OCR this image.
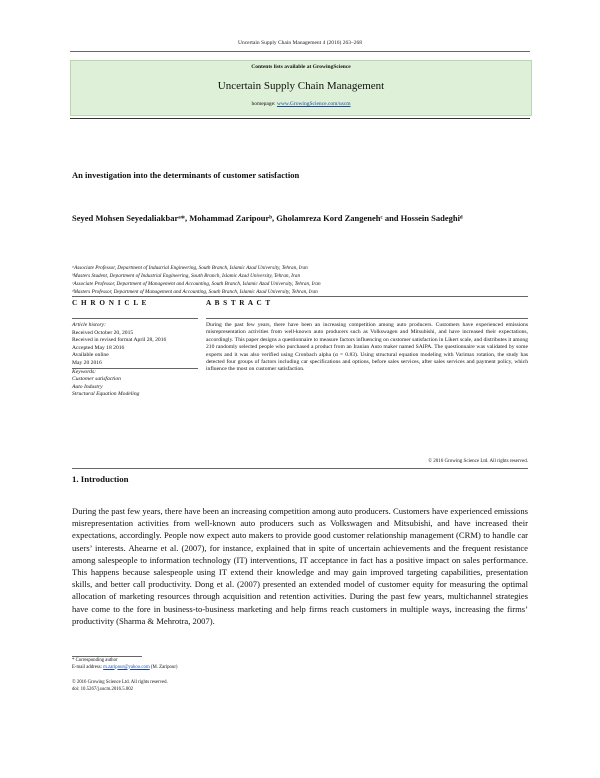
Uncertain Supply Chain Management 4 (2016) 263–268
Contents lists available at GrowingScience
Uncertain Supply Chain Management
homepage: www.GrowingScience.com/uscm
An investigation into the determinants of customer satisfaction
Seyed Mohsen Seyedaliakbarᵃ*, Mohammad Zaripourᵇ, Gholamreza Kord Zangenehᶜ and Hossein Sadeghiᵈ
ᵃAssociate Professor, Department of Industrial Engineering, South Branch, Islamic Azad University, Tehran, Iran
ᵇMasters Student, Department of Industrial Engineering, South Branch, Islamic Azad University, Tehran, Iran
ᶜAssociate Professor, Department of Management and Accounting, South Branch, Islamic Azad University, Tehran, Iran
ᵈMasters Professor, Department of Management and Accounting, South Branch, Islamic Azad University, Tehran, Iran
C H R O N I C L E	A B S T R A C T
Article history:
Received October 20, 2015
Received in revised format April 28, 2016
Accepted May 18 2016
Available online
May 20 2016
Keywords:
Customer satisfaction
Auto Industry
Structural Equation Modeling
During the past few years, there have been an increasing competition among auto producers. Customers have experienced emissions misrepresentation activities from well-known auto producers such as Volkswagen and Mitsubishi, and have increased their expectations, accordingly. This paper designs a questionnaire to measure factors influencing on customer satisfaction in Likert scale, and distributes it among 210 randomly selected people who purchased a product from an Iranian Auto maker named SAIPA. The questionnaire was validated by some experts and it was also verified using Cronbach alpha (α = 0.83). Using structural equation modeling with Varimax rotation, the study has detected four groups of factors including car specifications and options, before sales services, after sales services and payment policy, which influence the most on customer satisfaction.
© 2016 Growing Science Ltd. All rights reserved.
1. Introduction
During the past few years, there have been an increasing competition among auto producers. Customers have experienced emissions misrepresentation activities from well-known auto producers such as Volkswagen and Mitsubishi, and have increased their expectations, accordingly. People now expect auto makers to provide good customer relationship management (CRM) to handle car users’ interests. Ahearne et al. (2007), for instance, explained that in spite of uncertain achievements and the frequent resistance among salespeople to information technology (IT) interventions, IT acceptance in fact has a positive impact on sales performance. This happens because salespeople using IT extend their knowledge and may gain improved targeting capabilities, presentation skills, and better call productivity. Dong et al. (2007) presented an extended model of customer equity for measuring the optimal allocation of marketing resources through acquisition and retention activities. During the past few years, multichannel strategies have come to the fore in business-to-business marketing and help firms reach customers in multiple ways, increasing the firms’ productivity (Sharma & Mehrotra, 2007).
* Corresponding author
E-mail address: m.zaripour@yahoo.com (M. Zaripour)
© 2016 Growing Science Ltd. All rights reserved.
doi: 10.5267/j.uscm.2016.5.002
